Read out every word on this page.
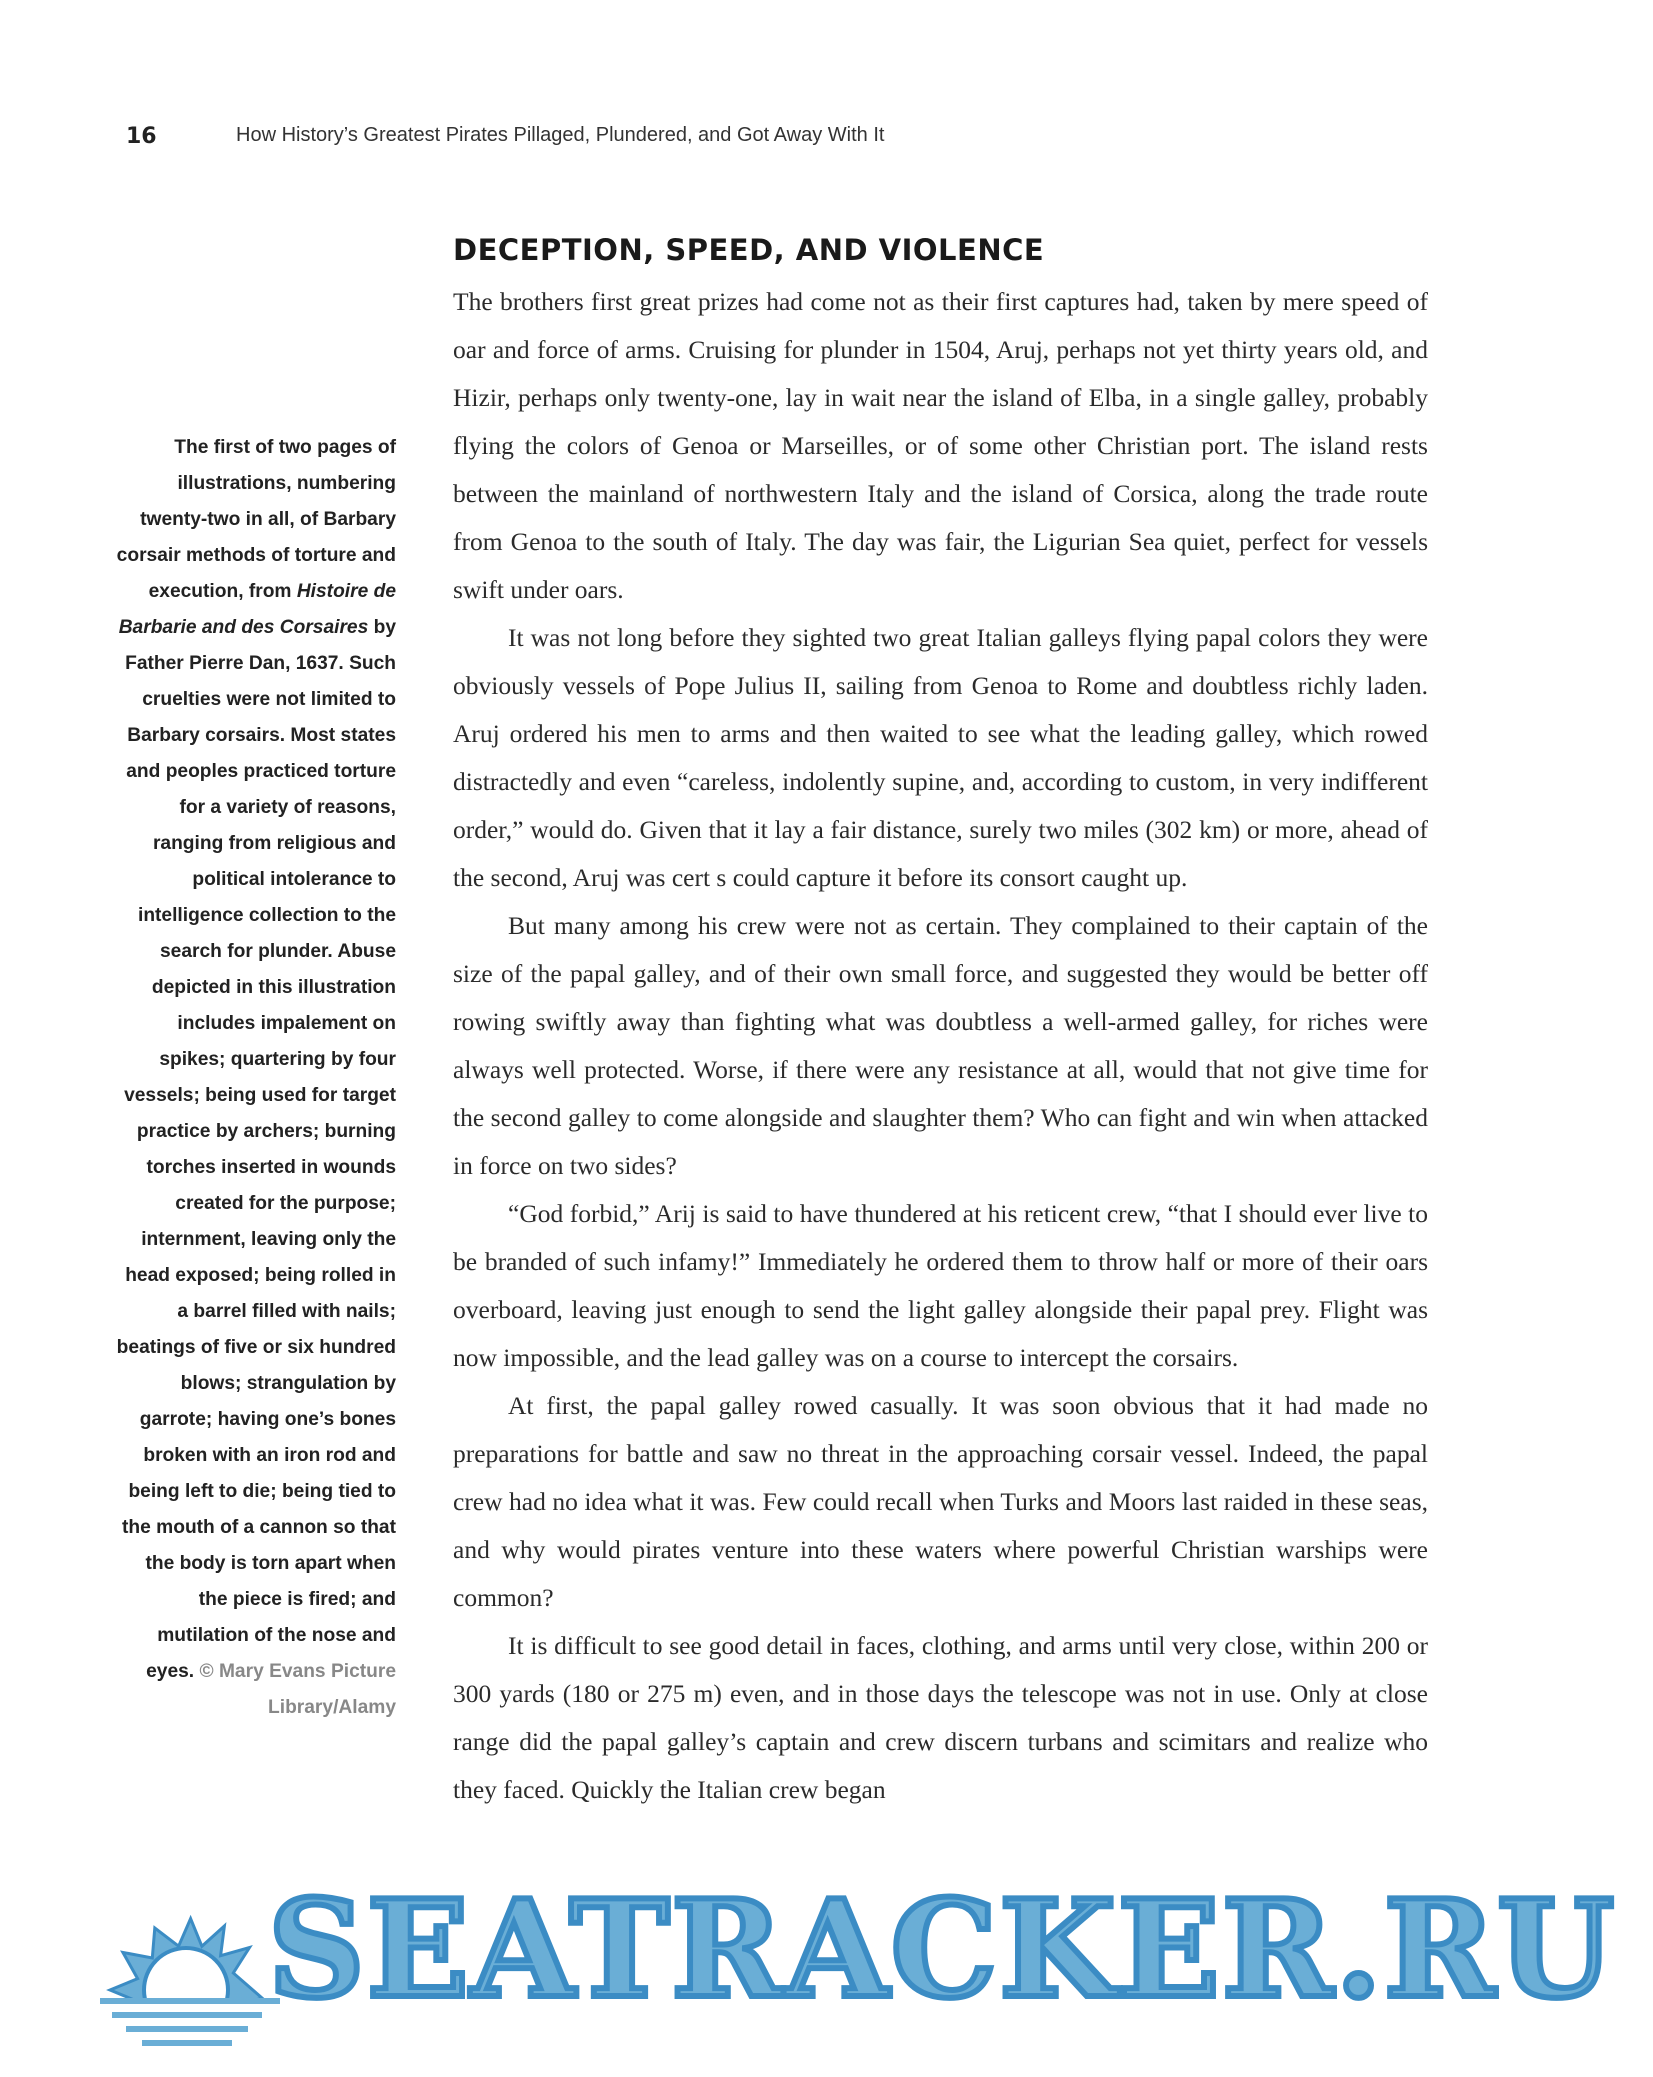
16	How History’s Greatest Pirates Pillaged, Plundered, and Got Away With It
The first of two pages of illustrations, numbering twenty-two in all, of Barbary corsair methods of torture and execution, from Histoire de Barbarie and des Corsaires by Father Pierre Dan, 1637. Such cruelties were not limited to Barbary corsairs. Most states and peoples practiced torture for a variety of reasons, ranging from religious and political intolerance to intelligence collection to the search for plunder. Abuse depicted in this illustration includes impalement on spikes; quartering by four vessels; being used for target practice by archers; burning torches inserted in wounds created for the purpose; internment, leaving only the head exposed; being rolled in a barrel filled with nails; beatings of five or six hundred blows; strangulation by garrote; having one’s bones broken with an iron rod and being left to die; being tied to the mouth of a cannon so that the body is torn apart when the piece is fired; and mutilation of the nose and eyes. © Mary Evans Picture Library/Alamy
DECEPTION, SPEED, AND VIOLENCE

The brothers first great prizes had come not as their first captures had, taken by mere speed of oar and force of arms. Cruising for plunder in 1504, Aruj, perhaps not yet thirty years old, and Hizir, perhaps only twenty-one, lay in wait near the island of Elba, in a single galley, probably flying the colors of Genoa or Marseilles, or of some other Christian port. The island rests between the mainland of northwestern Italy and the island of Corsica, along the trade route from Genoa to the south of Italy. The day was fair, the Ligurian Sea quiet, perfect for vessels swift under oars.

It was not long before they sighted two great Italian galleys flying papal colors they were obviously vessels of Pope Julius II, sailing from Genoa to Rome and doubtless richly laden. Aruj ordered his men to arms and then waited to see what the leading galley, which rowed distractedly and even “careless, indolently supine, and, according to custom, in very indifferent order,” would do. Given that it lay a fair distance, surely two miles (302 km) or more, ahead of the second, Aruj was cert s could capture it before its consort caught up.

But many among his crew were not as certain. They complained to their captain of the size of the papal galley, and of their own small force, and suggested they would be better off rowing swiftly away than fighting what was doubtless a well-armed galley, for riches were always well protected. Worse, if there were any resistance at all, would that not give time for the second galley to come alongside and slaughter them? Who can fight and win when attacked in force on two sides?

“God forbid,” Arij is said to have thundered at his reticent crew, “that I should ever live to be branded of such infamy!” Immediately he ordered them to throw half or more of their oars overboard, leaving just enough to send the light galley alongside their papal prey. Flight was now impossible, and the lead galley was on a course to intercept the corsairs.

At first, the papal galley rowed casually. It was soon obvious that it had made no preparations for battle and saw no threat in the approaching corsair vessel. Indeed, the papal crew had no idea what it was. Few could recall when Turks and Moors last raided in these seas, and why would pirates venture into these waters where powerful Christian warships were common?

It is difficult to see good detail in faces, clothing, and arms until very close, within 200 or 300 yards (180 or 275 m) even, and in those days the telescope was not in use. Only at close range did the papal galley’s captain and crew discern turbans and scimitars and realize who they faced. Quickly the Italian crew began

SEATRACKER.RU
